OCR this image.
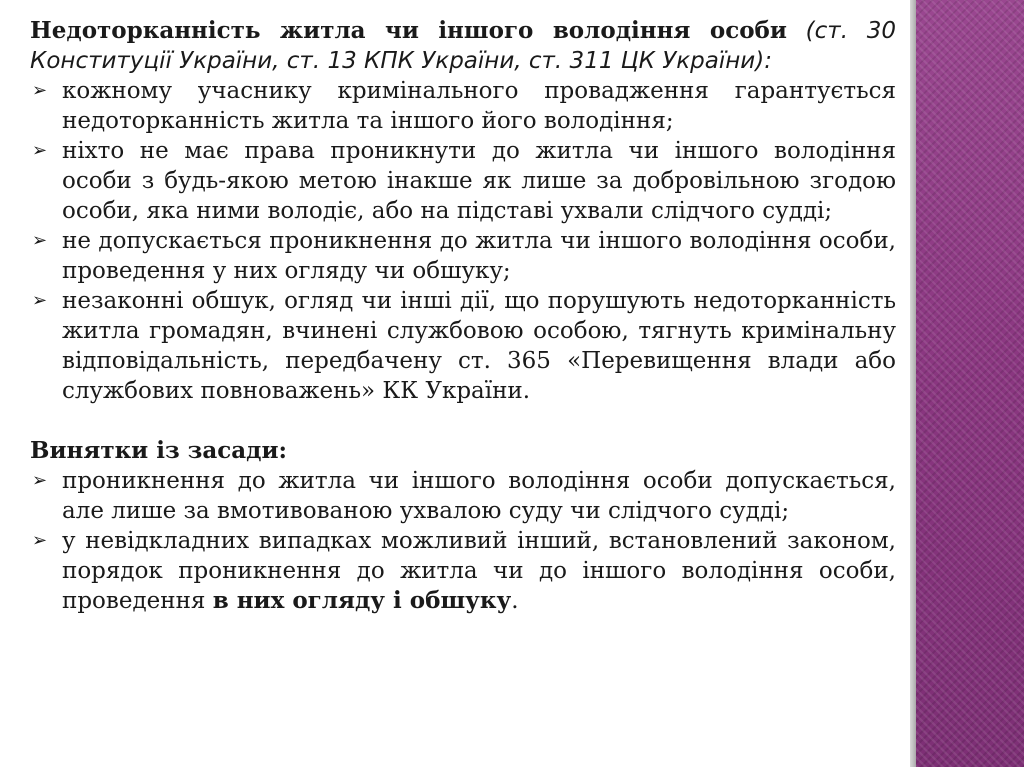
Недоторканність житла чи іншого володіння особи (ст. 30 Конституції України, ст. 13 КПК України, ст. 311 ЦК України):

➢ кожному учаснику кримінального провадження гарантується недоторканність житла та іншого його володіння;
➢ ніхто не має права проникнути до житла чи іншого володіння особи з будь-якою метою інакше як лише за добровільною згодою особи, яка ними володіє, або на підставі ухвали слідчого судді;
➢ не допускається проникнення до житла чи іншого володіння особи, проведення у них огляду чи обшуку;
➢ незаконні обшук, огляд чи інші дії, що порушують недоторканність житла громадян, вчинені службовою особою, тягнуть кримінальну відповідальність, передбачену ст. 365 «Перевищення влади або службових повноважень» КК України.

Винятки із засади:

➢ проникнення до житла чи іншого володіння особи допускається, але лише за вмотивованою ухвалою суду чи слідчого судді;
➢ у невідкладних випадках можливий інший, встановлений законом, порядок проникнення до житла чи до іншого володіння особи, проведення в них огляду і обшуку.
